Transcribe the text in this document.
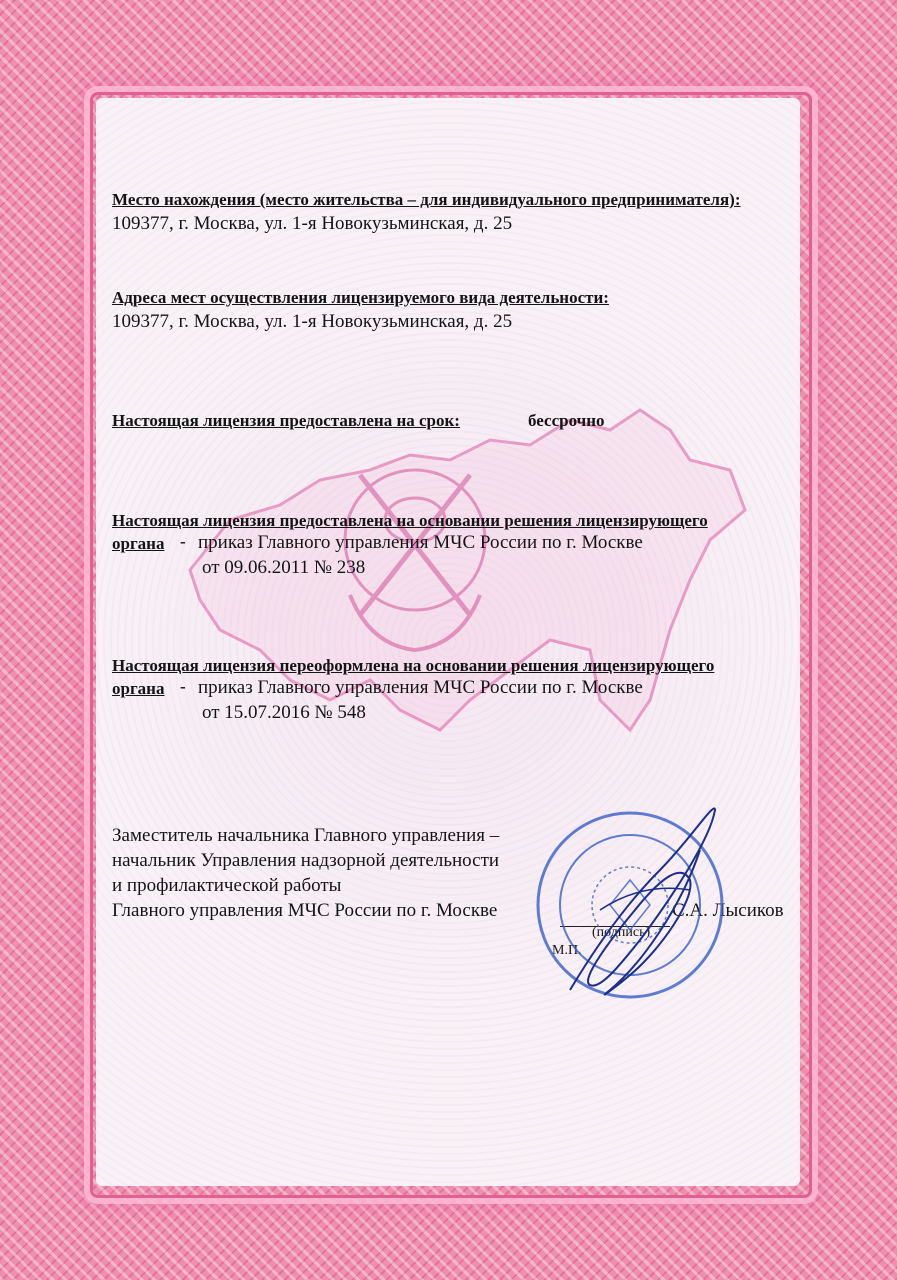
Место нахождения (место жительства – для индивидуального предпринимателя):
109377, г. Москва, ул. 1-я Новокузьминская, д. 25
Адреса мест осуществления лицензируемого вида деятельности:
109377, г. Москва, ул. 1-я Новокузьминская, д. 25
Настоящая лицензия предоставлена на срок:	бессрочно
Настоящая лицензия предоставлена на основании решения лицензирующего
органа - приказ Главного управления МЧС России по г. Москве
от 09.06.2011 № 238
Настоящая лицензия переоформлена на основании решения лицензирующего
органа - приказ Главного управления МЧС России по г. Москве
от 15.07.2016 № 548
Заместитель начальника Главного управления –
начальник Управления надзорной деятельности
и профилактической работы
Главного управления МЧС России по г. Москве	С.А. Лысиков
(подпись)
М.П.
